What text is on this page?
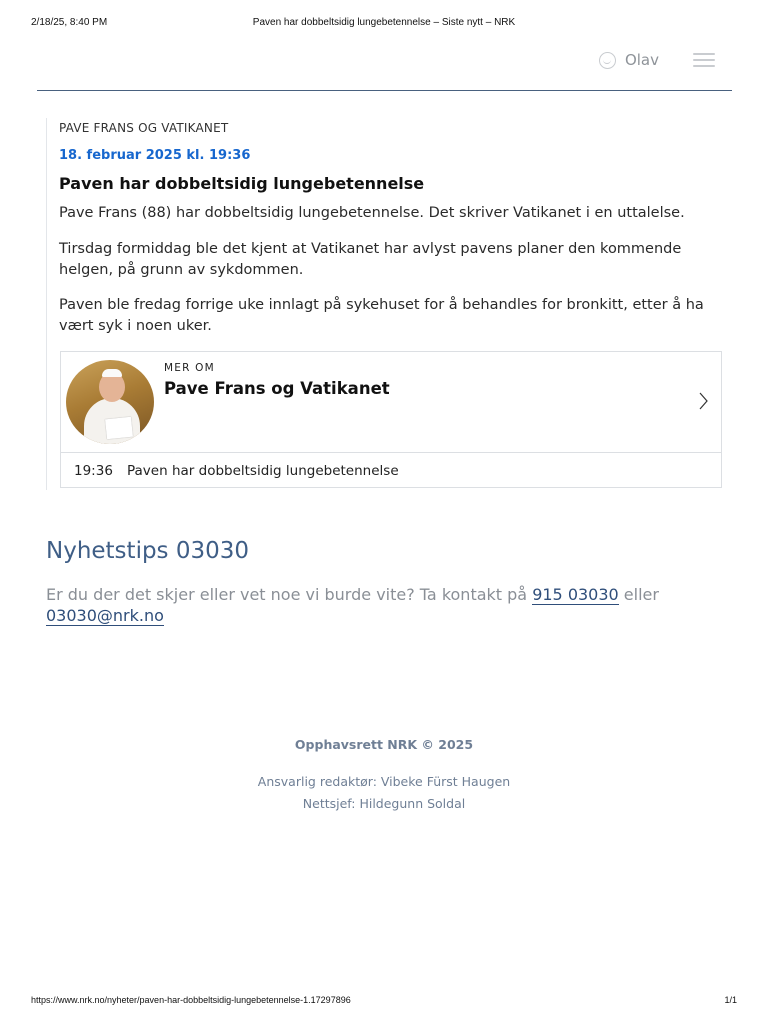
2/18/25, 8:40 PM	Paven har dobbeltsidig lungebetennelse – Siste nytt – NRK
Olav
PAVE FRANS OG VATIKANET
18. februar 2025 kl. 19:36
Paven har dobbeltsidig lungebetennelse

Pave Frans (88) har dobbeltsidig lungebetennelse. Det skriver Vatikanet i en uttalelse.

Tirsdag formiddag ble det kjent at Vatikanet har avlyst pavens planer den kommende helgen, på grunn av sykdommen.

Paven ble fredag forrige uke innlagt på sykehuset for å behandles for bronkitt, etter å ha vært syk i noen uker.

MER OM
Pave Frans og Vatikanet
19:36 Paven har dobbeltsidig lungebetennelse
Nyhetstips 03030

Er du der det skjer eller vet noe vi burde vite? Ta kontakt på 915 03030 eller 03030@nrk.no

Opphavsrett NRK © 2025
Ansvarlig redaktør: Vibeke Fürst Haugen
Nettsjef: Hildegunn Soldal
https://www.nrk.no/nyheter/paven-har-dobbeltsidig-lungebetennelse-1.17297896	1/1
